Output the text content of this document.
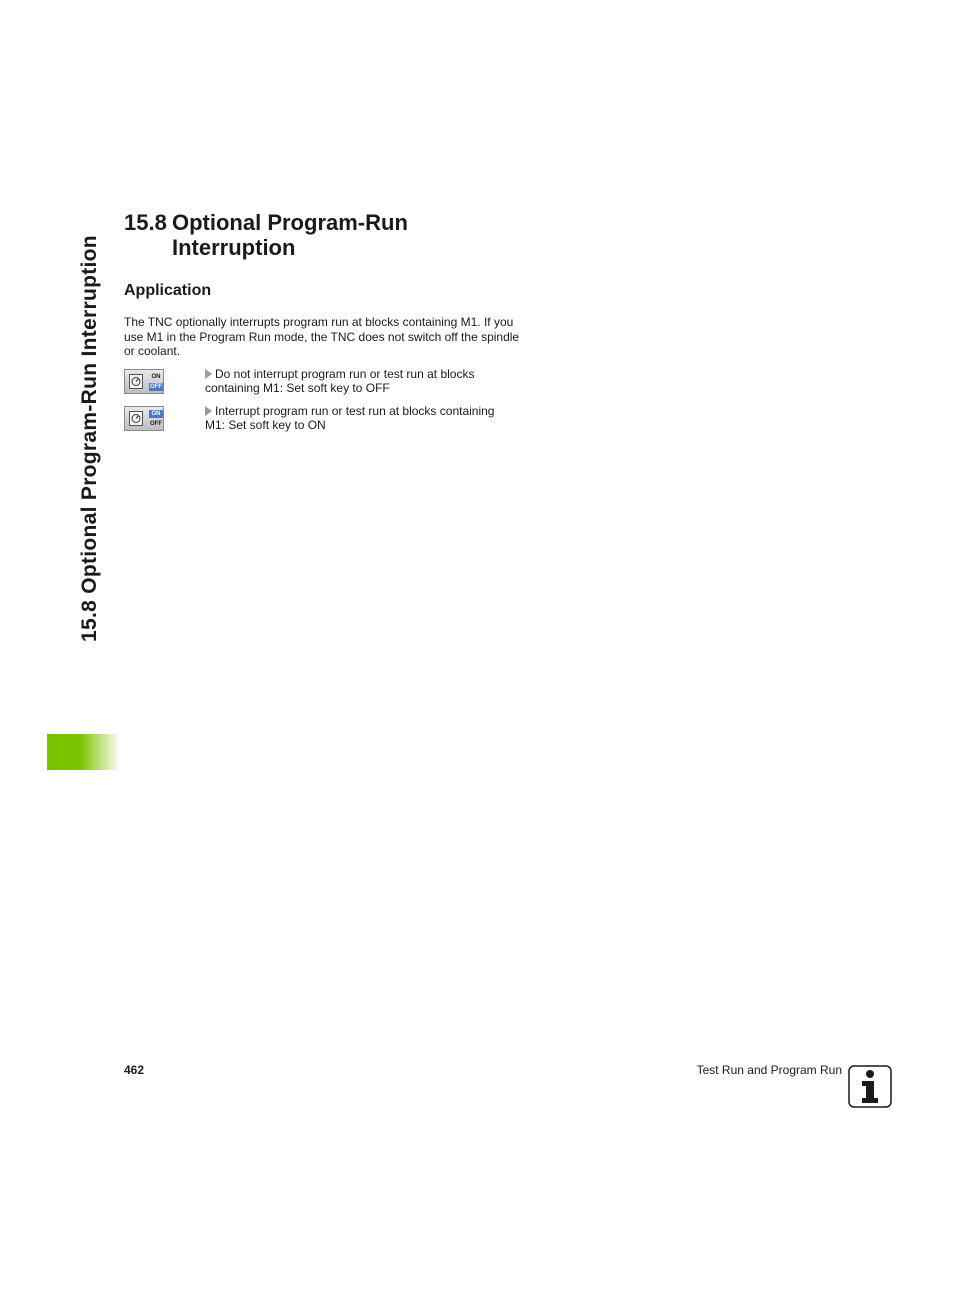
15.8 Optional Program-Run Interruption
15.8 Optional Program-Run
Interruption
Application
The TNC optionally interrupts program run at blocks containing M1. If you use M1 in the Program Run mode, the TNC does not switch off the spindle or coolant.
ON
OFF
ON
OFF
Do not interrupt program run or test run at blocks
containing M1: Set soft key to OFF
Interrupt program run or test run at blocks containing
M1: Set soft key to ON
462	Test Run and Program Run
